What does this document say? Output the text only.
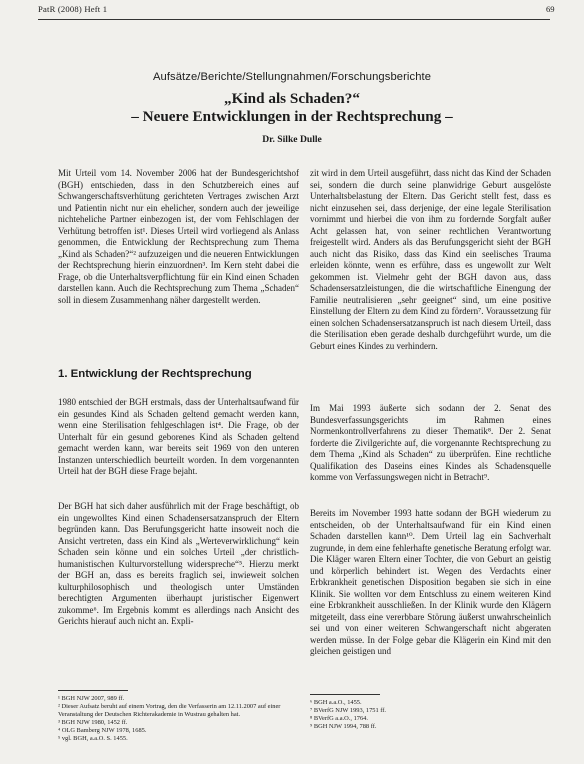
PatR (2008) Heft 1	69
Aufsätze/Berichte/Stellungnahmen/Forschungsberichte
„Kind als Schaden?“
– Neuere Entwicklungen in der Rechtsprechung –
Dr. Silke Dulle

Mit Urteil vom 14. November 2006 hat der Bundesgerichtshof (BGH) entschieden, dass in den Schutzbereich eines auf Schwangerschaftsverhütung gerichteten Vertrages zwischen Arzt und Patientin nicht nur ein ehelicher, sondern auch der jeweilige nichteheliche Partner einbezogen ist, der vom Fehlschlagen der Verhütung betroffen ist¹. Dieses Urteil wird vorliegend als Anlass genommen, die Entwicklung der Rechtsprechung zum Thema „Kind als Schaden?“² aufzuzeigen und die neueren Entwicklungen der Rechtsprechung hierin einzuordnen³. Im Kern steht dabei die Frage, ob die Unterhaltsverpflichtung für ein Kind einen Schaden darstellen kann. Auch die Rechtsprechung zum Thema „Schaden“ soll in diesem Zusammenhang näher dargestellt werden.

1. Entwicklung der Rechtsprechung

1980 entschied der BGH erstmals, dass der Unterhaltsaufwand für ein gesundes Kind als Schaden geltend gemacht werden kann, wenn eine Sterilisation fehlgeschlagen ist⁴. Die Frage, ob der Unterhalt für ein gesund geborenes Kind als Schaden geltend gemacht werden kann, war bereits seit 1969 von den unteren Instanzen unterschiedlich beurteilt worden. In dem vorgenannten Urteil hat der BGH diese Frage bejaht.

Der BGH hat sich daher ausführlich mit der Frage beschäftigt, ob ein ungewolltes Kind einen Schadensersatzanspruch der Eltern begründen kann. Das Berufungsgericht hatte insoweit noch die Ansicht vertreten, dass ein Kind als „Werteverwirklichung“ kein Schaden sein könne und ein solches Urteil „der christlich-humanistischen Kulturvorstellung widerspreche“⁵. Hierzu merkt der BGH an, dass es bereits fraglich sei, inwieweit solchen kulturphilosophisch und theologisch unter Umständen berechtigten Argumenten überhaupt juristischer Eigenwert zukomme⁶. Im Ergebnis kommt es allerdings nach Ansicht des Gerichts hierauf auch nicht an. Expli-

zit wird in dem Urteil ausgeführt, dass nicht das Kind der Schaden sei, sondern die durch seine planwidrige Geburt ausgelöste Unterhaltsbelastung der Eltern. Das Gericht stellt fest, dass es nicht einzusehen sei, dass derjenige, der eine legale Sterilisation vornimmt und hierbei die von ihm zu fordernde Sorgfalt außer Acht gelassen hat, von seiner rechtlichen Verantwortung freigestellt wird. Anders als das Berufungsgericht sieht der BGH auch nicht das Risiko, dass das Kind ein seelisches Trauma erleiden könnte, wenn es erführe, dass es ungewollt zur Welt gekommen ist. Vielmehr geht der BGH davon aus, dass Schadensersatzleistungen, die die wirtschaftliche Einengung der Familie neutralisieren „sehr geeignet“ sind, um eine positive Einstellung der Eltern zu dem Kind zu fördern⁷. Voraussetzung für einen solchen Schadensersatzanspruch ist nach diesem Urteil, dass die Sterilisation eben gerade deshalb durchgeführt wurde, um die Geburt eines Kindes zu verhindern.

Im Mai 1993 äußerte sich sodann der 2. Senat des Bundesverfassungsgerichts im Rahmen eines Normenkontrollverfahrens zu dieser Thematik⁸. Der 2. Senat forderte die Zivilgerichte auf, die vorgenannte Rechtsprechung zu dem Thema „Kind als Schaden“ zu überprüfen. Eine rechtliche Qualifikation des Daseins eines Kindes als Schadensquelle komme von Verfassungswegen nicht in Betracht⁹.

Bereits im November 1993 hatte sodann der BGH wiederum zu entscheiden, ob der Unterhaltsaufwand für ein Kind einen Schaden darstellen kann¹⁰. Dem Urteil lag ein Sachverhalt zugrunde, in dem eine fehlerhafte genetische Beratung erfolgt war. Die Kläger waren Eltern einer Tochter, die von Geburt an geistig und körperlich behindert ist. Wegen des Verdachts einer Erbkrankheit genetischen Disposition begaben sie sich in eine Klinik. Sie wollten vor dem Entschluss zu einem weiteren Kind eine Erbkrankheit ausschließen. In der Klinik wurde den Klägern mitgeteilt, dass eine vererbbare Störung äußerst unwahrscheinlich sei und von einer weiteren Schwangerschaft nicht abgeraten werden müsse. In der Folge gebar die Klägerin ein Kind mit den gleichen geistigen und

¹ BGH NJW 2007, 989 ff.

² Dieser Aufsatz beruht auf einem Vortrag, den die Verfasserin am 12.11.2007 auf einer Veranstaltung der Deutschen Richterakademie in Wustrau gehalten hat.

³ BGH NJW 1980, 1452 ff.

⁴ OLG Bamberg NJW 1978, 1685.

⁵ vgl. BGH, a.a.O. S. 1455.

⁶ BGH a.a.O., 1455.

⁷ BVerfG NJW 1993, 1751 ff.

⁸ BVerfG a.a.O., 1764.

⁹ BGH NJW 1994, 788 ff.
